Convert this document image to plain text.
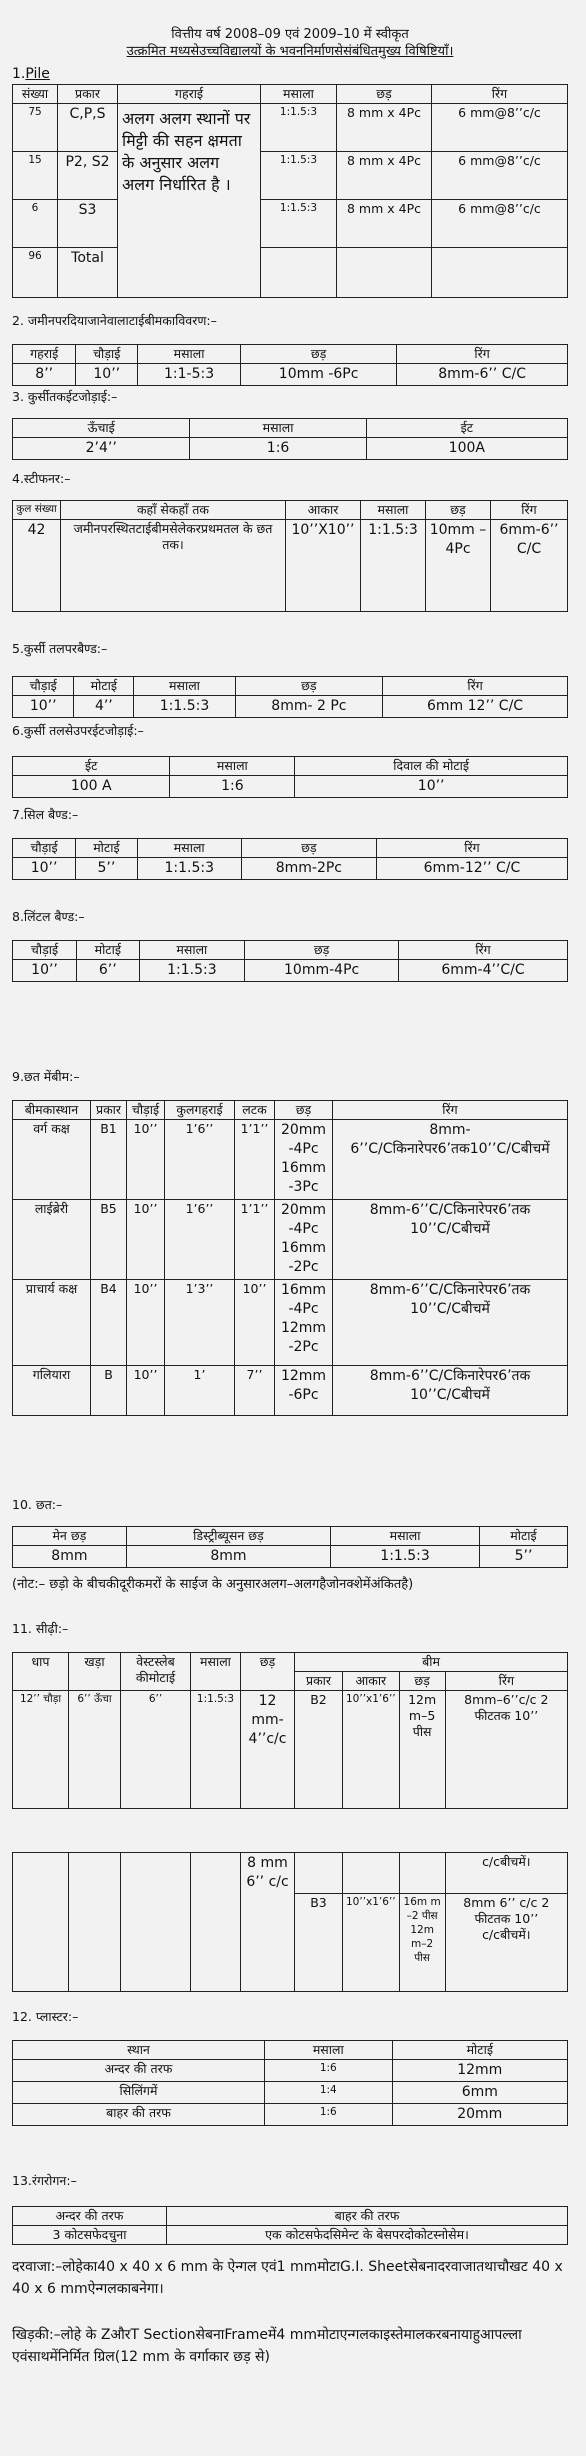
वित्तीय वर्ष 2008–09 एवं 2009–10 में स्वीकृत
उत्क्रमित मध्यसेउच्चविद्यालयों के भवननिर्माणसेसंबंधितमुख्य विषिष्टियॉं।
1.Pile
संख्या	प्रकार	गहराई	मसाला	छड़	रिंग
75	C,P,S	अलग अलग स्थानों पर मिट्टी की सहन क्षमता के अनुसार अलग अलग निर्धारित है ।	1:1.5:3	8 mm x 4Pc	6 mm@8’’c/c
15	P2, S2		1:1.5:3	8 mm x 4Pc	6 mm@8’’c/c
6	S3		1:1.5:3	8 mm x 4Pc	6 mm@8’’c/c
96	Total				
2. जमीनपरदियाजानेवालाटाईबीमकाविवरण:–
गहराई	चौड़ाई	मसाला	छड़	रिंग
8’’	10’’	1:1-5:3	10mm -6Pc	8mm-6’’ C/C
3. कुर्सीतकईटजोड़ाई:–
ऊॅंचाई	मसाला	ईट
2’4’’	1:6	100A
4.स्टीफनर:–
कुल संख्या	कहॉं सेकहॉं तक	आकार	मसाला	छड़	रिंग
42	जमीनपरस्थितटाईबीमसेलेकरप्रथमतल के छत तक।	10’’X10’’	1:1.5:3	10mm – 4Pc	6mm-6’’ C/C
5.कुर्सी तलपरबैण्ड:–
चौड़ाई	मोटाई	मसाला	छड़	रिंग
10’’	4’’	1:1.5:3	8mm- 2 Pc	6mm 12’’ C/C
6.कुर्सी तलसेउपरईटजोड़ाई:–
ईट	मसाला	दिवाल की मोटाई
100 A	1:6	10’’
7.सिल बैण्ड:–
चौड़ाई	मोटाई	मसाला	छड़	रिंग
10’’	5’’	1:1.5:3	8mm-2Pc	6mm-12’’ C/C
8.लिंटल बैण्ड:–
चौड़ाई	मोटाई	मसाला	छड़	रिंग
10’’	6’’	1:1.5:3	10mm-4Pc	6mm-4’’C/C
9.छत मेंबीम:–
बीमकास्थान	प्रकार	चौड़ाई	कुलगहराई	लटक	छड़	रिंग
वर्ग कक्ष	B1	10’’	1’6’’	1’1’’	20mm -4Pc 16mm -3Pc	8mm-6’’C/Cकिनारेपर6’तक10’’C/Cबीचमें
लाईब्रेरी	B5	10’’	1’6’’	1’1’’	20mm -4Pc 16mm -2Pc	8mm-6’’C/Cकिनारेपर6’तक 10’’C/Cबीचमें
प्राचार्य कक्ष	B4	10’’	1’3’’	10’’	16mm -4Pc 12mm -2Pc	8mm-6’’C/Cकिनारेपर6’तक 10’’C/Cबीचमें
गलियारा	B	10’’	1’	7’’	12mm -6Pc	8mm-6’’C/Cकिनारेपर6’तक 10’’C/Cबीचमें
10. छत:–
मेन छड़	डिस्ट्रीब्यूसन छड़	मसाला	मोटाई
8mm	8mm	1:1.5:3	5’’
(नोट:– छड़ो के बीचकीदूरीकमरों के साईज के अनुसारअलग–अलगहैजोनक्शेमेंअंकितहै)
11. सीढ़ी:–
धाप	खड़ा	वेस्टस्लेब कीमोटाई	मसाला	छड़	बीम			
					प्रकार	आकार	छड़	रिंग
12’’ चौड़ा	6’’ ऊॅंचा	6’’	1:1.5:3	12 mm-4’’c/c	B2	10’’x1’6’’	12m m–5 पीस	8mm–6’’c/c 2 फीटतक 10’’
				8 mm 6’’ c/c				c/cबीचमें।
					B3	10’’x1’6’’	16m m –2 पीस 12m m–2 पीस	8mm 6’’ c/c 2 फीटतक 10’’ c/cबीचमें।
12. प्लास्टर:–
स्थान	मसाला	मोटाई
अन्दर की तरफ	1:6	12mm
सिलिंगमें	1:4	6mm
बाहर की तरफ	1:6	20mm
13.रंगरोगन:–
अन्दर की तरफ	बाहर की तरफ
3 कोटसफेदचुना	एक कोटसफेदसिमेन्ट के बेसपरदोकोटस्नोसेम।
दरवाजा:–लोहेका40 x 40 x 6 mm के ऐन्गल एवं1 mmमोटाG.I. Sheetसेबनादरवाजातथाचौखट 40 x 40 x 6 mmऐन्गलकाबनेगा।
खिड़की:–लोहे के ZऔरT SectionसेबनाFrameमें4 mmमोटाएन्गलकाइस्तेमालकरबनायाहुआपल्ला एवंसाथमेंनिर्मित ग्रिल(12 mm के वर्गाकार छड़ से)
